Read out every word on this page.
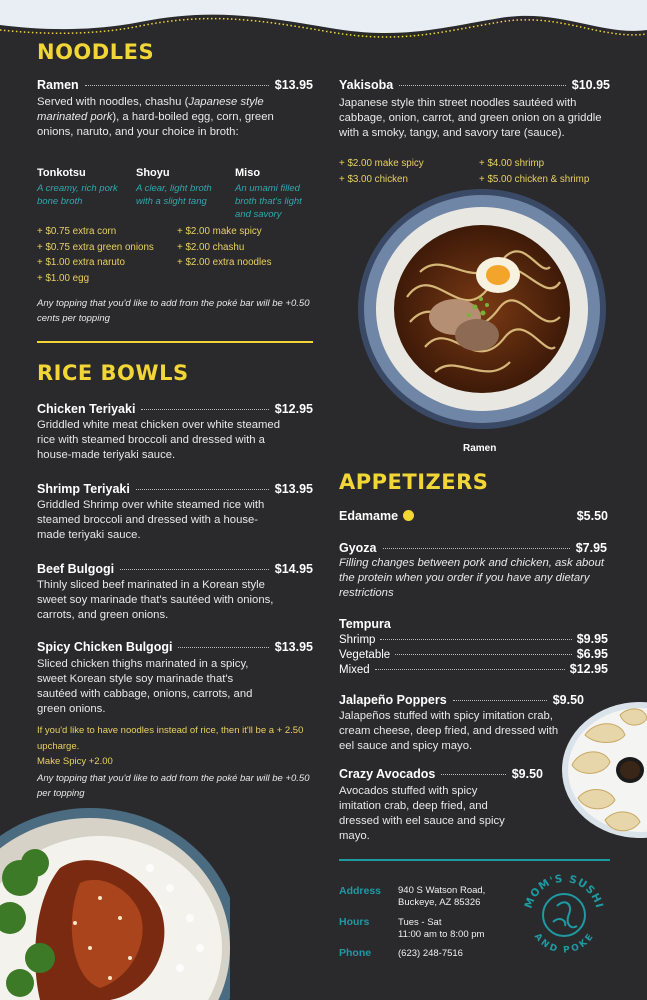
NOODLES
Ramen	$13.95
Served with noodles, chashu (Japanese style marinated pork), a hard-boiled egg, corn, green onions, naruto, and your choice in broth:
Tonkotsu
A creamy, rich pork bone broth
Shoyu
A clear, light broth with a slight tang
Miso
An umami filled broth that's light and savory
+ $0.75 extra corn
+ $0.75 extra green onions
+ $1.00 extra naruto
+ $1.00 egg
+ $2.00 make spicy
+ $2.00 chashu
+ $2.00 extra noodles
Any topping that you'd like to add from the poké bar will be +0.50 cents per topping
Yakisoba	$10.95
Japanese style thin street noodles sautéed with cabbage, onion, carrot, and green onion on a griddle with a smoky, tangy, and savory tare (sauce).
+ $2.00 make spicy
+ $3.00 chicken
+ $4.00 shrimp
+ $5.00 chicken & shrimp
Ramen
RICE BOWLS
Chicken Teriyaki	$12.95
Griddled white meat chicken over white steamed rice with steamed broccoli and dressed with a house-made teriyaki sauce.
Shrimp Teriyaki	$13.95
Griddled Shrimp over white steamed rice with steamed broccoli and dressed with a house-made teriyaki sauce.
Beef Bulgogi	$14.95
Thinly sliced beef marinated in a Korean style sweet soy marinade that's sautéed with onions, carrots, and green onions.
Spicy Chicken Bulgogi	$13.95
Sliced chicken thighs marinated in a spicy, sweet Korean style soy marinade that's sautéed with cabbage, onions, carrots, and green onions.
If you'd like to have noodles instead of rice, then it'll be a + 2.50 upcharge.
Make Spicy +2.00
Any topping that you'd like to add from the poké bar will be +0.50 per topping
APPETIZERS
Edamame	$5.50
Gyoza	$7.95
Filling changes between pork and chicken, ask about the protein when you order if you have any dietary restrictions
Tempura
Shrimp	$9.95
Vegetable	$6.95
Mixed	$12.95
Jalapeño Poppers	$9.50
Jalapeños stuffed with spicy imitation crab, cream cheese, deep fried, and dressed with eel sauce and spicy mayo.
Crazy Avocados	$9.50
Avocados stuffed with spicy imitation crab, deep fried, and dressed with eel sauce and spicy mayo.
Address 940 S Watson Road,
Buckeye, AZ 85326
Hours	Tues - Sat
11:00 am to 8:00 pm
Phone	(623) 248-7516
MOM'S SUSHI
AND POKE
